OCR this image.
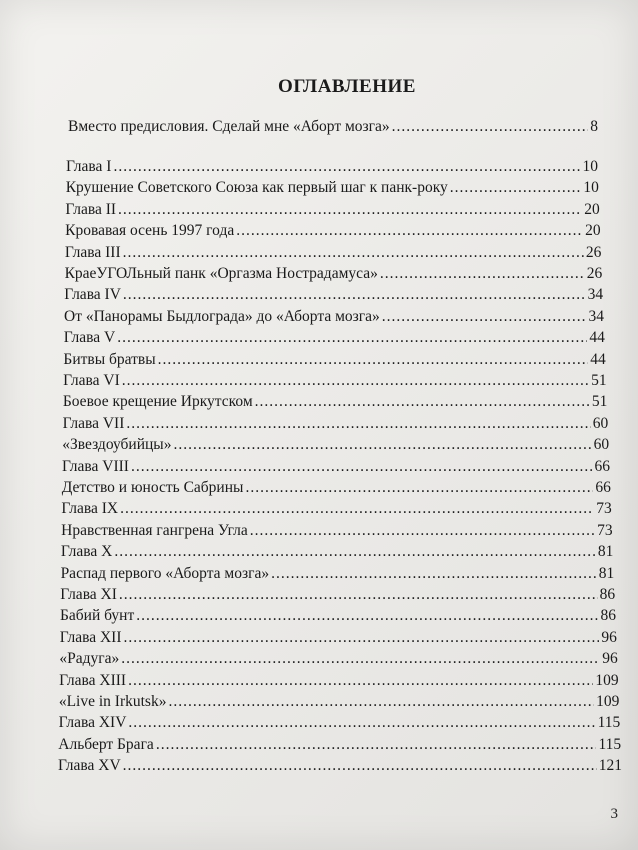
ОГЛАВЛЕНИЕ
Вместо предисловия. Сделай мне «Аборт мозга» .....	8
Глава I .....	10
Крушение Советского Союза как первый шаг к панк-року .....	10
Глава II .....	20
Кровавая осень 1997 года .....	20
Глава III .....	26
КраеУГОЛьный панк «Оргазма Нострадамуса» .....	26
Глава IV .....	34
От «Панорамы Быдлограда» до «Аборта мозга» .....	34
Глава V .....	44
Битвы братвы .....	44
Глава VI .....	51
Боевое крещение Иркутском .....	51
Глава VII .....	60
«Звездоубийцы» .....	60
Глава VIII .....	66
Детство и юность Сабрины .....	66
Глава IX .....	73
Нравственная гангрена Угла .....	73
Глава X .....	81
Распад первого «Аборта мозга» .....	81
Глава XI .....	86
Бабий бунт .....	86
Глава XII .....	96
«Радуга» .....	96
Глава XIII .....	109
«Live in Irkutsk» .....	109
Глава XIV .....	115
Альберт Брага .....	115
Глава XV .....	121
3
